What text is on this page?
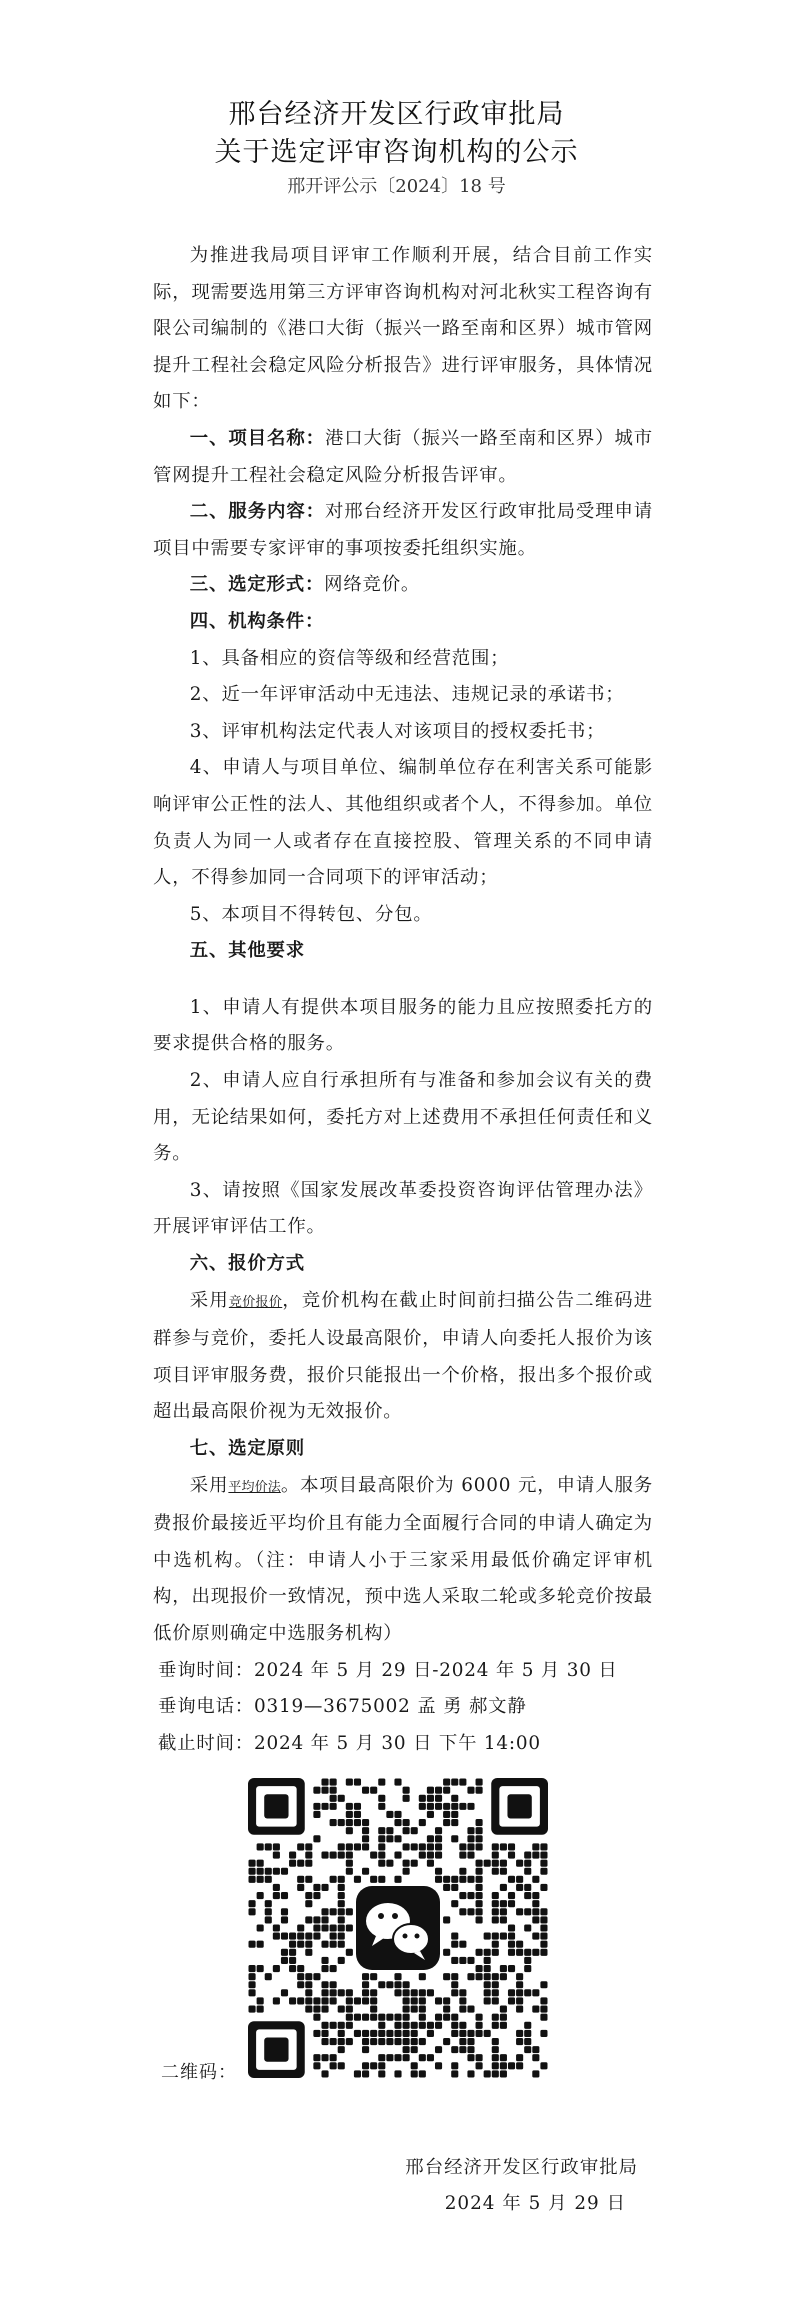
邢台经济开发区行政审批局
关于选定评审咨询机构的公示
邢开评公示〔2024〕18 号

为推进我局项目评审工作顺利开展，结合目前工作实际，现需要选用第三方评审咨询机构对河北秋实工程咨询有限公司编制的《港口大街（振兴一路至南和区界）城市管网提升工程社会稳定风险分析报告》进行评审服务，具体情况如下：

一、项目名称：港口大街（振兴一路至南和区界）城市管网提升工程社会稳定风险分析报告评审。

二、服务内容：对邢台经济开发区行政审批局受理申请项目中需要专家评审的事项按委托组织实施。

三、选定形式：网络竞价。

四、机构条件：

1、具备相应的资信等级和经营范围；

2、近一年评审活动中无违法、违规记录的承诺书；

3、评审机构法定代表人对该项目的授权委托书；

4、申请人与项目单位、编制单位存在利害关系可能影响评审公正性的法人、其他组织或者个人，不得参加。单位负责人为同一人或者存在直接控股、管理关系的不同申请人，不得参加同一合同项下的评审活动；

5、本项目不得转包、分包。

五、其他要求

1、申请人有提供本项目服务的能力且应按照委托方的要求提供合格的服务。

2、申请人应自行承担所有与准备和参加会议有关的费用，无论结果如何，委托方对上述费用不承担任何责任和义务。

3、请按照《国家发展改革委投资咨询评估管理办法》开展评审评估工作。

六、报价方式

采用竞价报价，竞价机构在截止时间前扫描公告二维码进群参与竞价，委托人设最高限价，申请人向委托人报价为该项目评审服务费，报价只能报出一个价格，报出多个报价或超出最高限价视为无效报价。

七、选定原则

采用平均价法。本项目最高限价为 6000 元，申请人服务费报价最接近平均价且有能力全面履行合同的申请人确定为中选机构。（注：申请人小于三家采用最低价确定评审机构，出现报价一致情况，预中选人采取二轮或多轮竞价按最低价原则确定中选服务机构）

垂询时间：2024 年 5 月 29 日-2024 年 5 月 30 日

垂询电话：0319—3675002 孟 勇 郝文静

截止时间：2024 年 5 月 30 日 下午 14:00

二维码：
邢台经济开发区行政审批局
2024 年 5 月 29 日
